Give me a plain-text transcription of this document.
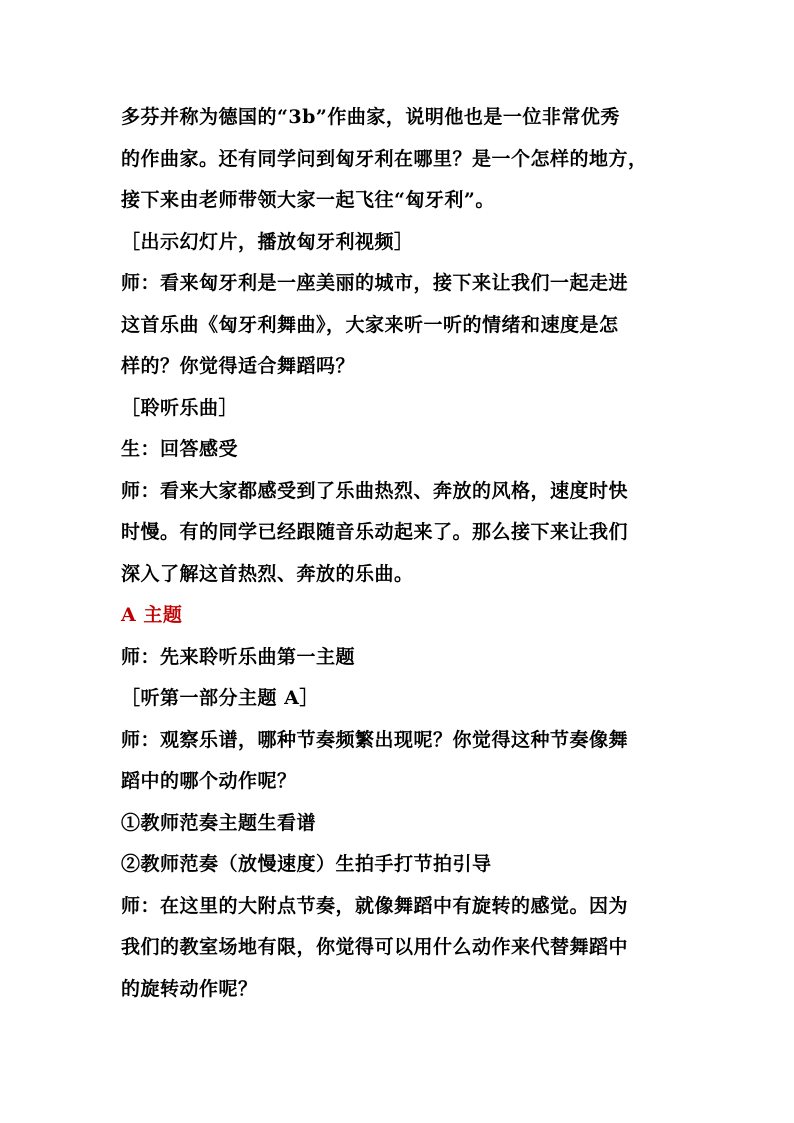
多芬并称为德国的“3b”作曲家，说明他也是一位非常优秀
的作曲家。还有同学问到匈牙利在哪里？是一个怎样的地方，
接下来由老师带领大家一起飞往“匈牙利”。
［出示幻灯片，播放匈牙利视频］
师：看来匈牙利是一座美丽的城市，接下来让我们一起走进
这首乐曲《匈牙利舞曲》，大家来听一听的情绪和速度是怎
样的？你觉得适合舞蹈吗？
［聆听乐曲］
生：回答感受
师：看来大家都感受到了乐曲热烈、奔放的风格，速度时快
时慢。有的同学已经跟随音乐动起来了。那么接下来让我们
深入了解这首热烈、奔放的乐曲。
A 主题
师：先来聆听乐曲第一主题
［听第一部分主题 A］
师：观察乐谱，哪种节奏频繁出现呢？你觉得这种节奏像舞
蹈中的哪个动作呢？
①教师范奏主题生看谱
②教师范奏（放慢速度）生拍手打节拍引导
师：在这里的大附点节奏，就像舞蹈中有旋转的感觉。因为
我们的教室场地有限，你觉得可以用什么动作来代替舞蹈中
的旋转动作呢？
